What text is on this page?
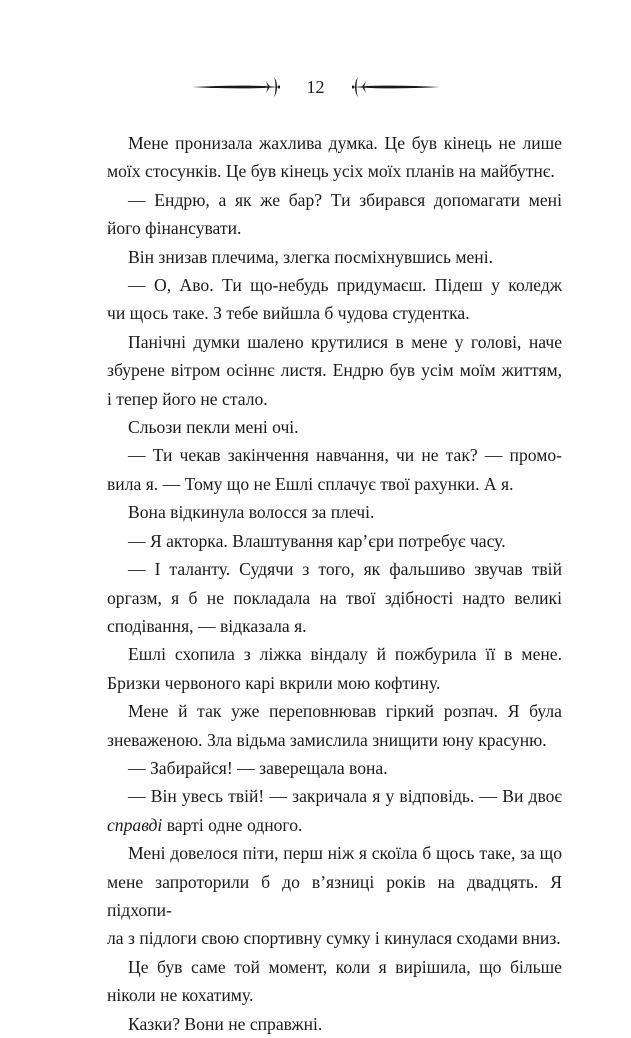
12

Мене пронизала жахлива думка. Це був кінець не лише
моїх стосунків. Це був кінець усіх моїх планів на майбутнє.

— Ендрю, а як же бар? Ти збирався допомагати мені
його фінансувати.

Він знизав плечима, злегка посміхнувшись мені.

— О, Аво. Ти що-небудь придумаєш. Підеш у коледж
чи щось таке. З тебе вийшла б чудова студентка.

Панічні думки шалено крутилися в мене у голові, наче
збурене вітром осіннє листя. Ендрю був усім моїм життям,
і тепер його не стало.

Сльози пекли мені очі.

— Ти чекав закінчення навчання, чи не так? — промо-
вила я. — Тому що не Ешлі сплачує твої рахунки. А я.

Вона відкинула волосся за плечі.

— Я акторка. Влаштування кар’єри потребує часу.

— І таланту. Судячи з того, як фальшиво звучав твій
оргазм, я б не покладала на твої здібності надто великі
сподівання, — відказала я.

Ешлі схопила з ліжка віндалу й пожбурила її в мене.
Бризки червоного карі вкрили мою кофтину.

Мене й так уже переповнював гіркий розпач. Я була
зневаженою. Зла відьма замислила знищити юну красуню.

— Забирайся! — заверещала вона.

— Він увесь твій! — закричала я у відповідь. — Ви двоє
справді варті одне одного.

Мені довелося піти, перш ніж я скоїла б щось таке, за що
мене запроторили б до в’язниці років на двадцять. Я підхопи-
ла з підлоги свою спортивну сумку і кинулася сходами вниз.

Це був саме той момент, коли я вирішила, що більше
ніколи не кохатиму.

Казки? Вони не справжні.
